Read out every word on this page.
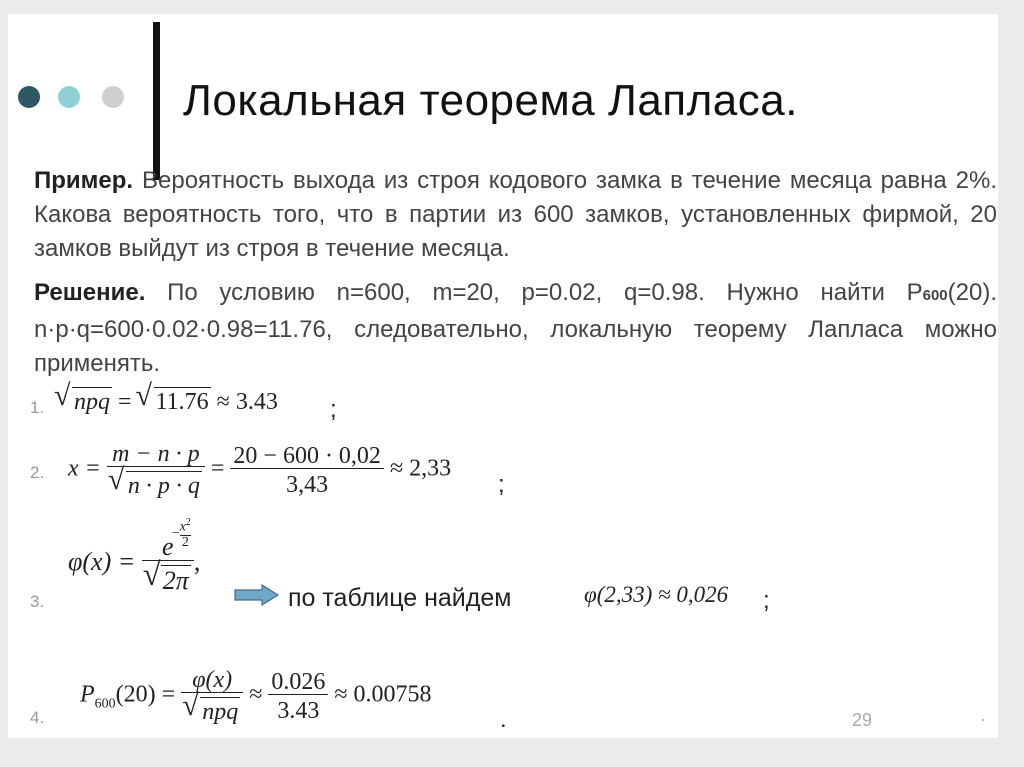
Локальная теорема Лапласа.

Пример. Вероятность выхода из строя кодового замка в течение месяца равна 2%. Какова вероятность того, что в партии из 600 замков, установленных фирмой, 20 замков выйдут из строя в течение месяца.

Решение. По условию n=600, m=20, p=0.02, q=0.98. Нужно найти P600(20). n·p·q=600·0.02·0.98=11.76, следовательно, локальную теорему Лапласа можно применять.

1.
2.
3.
4.
√ npq = √ 11.76 ≈ 3.43 ;
$x = \frac{m - n \cdot p}{√ n \cdot p \cdot q} = \frac{20 - 600 \cdot 0,02}{3,43} \approx 2,33$
;
φ(x) = e
− $\frac{x^2}{2}$
√ 2π ,
по таблице найдем	φ(2,33) ≈ 0,026 ;
$P_{600}(20) = \frac{\varphi(x)}{\text{√ npq}} \approx \frac{0.026}{3.43} \approx 0.00758$
.	29	·
